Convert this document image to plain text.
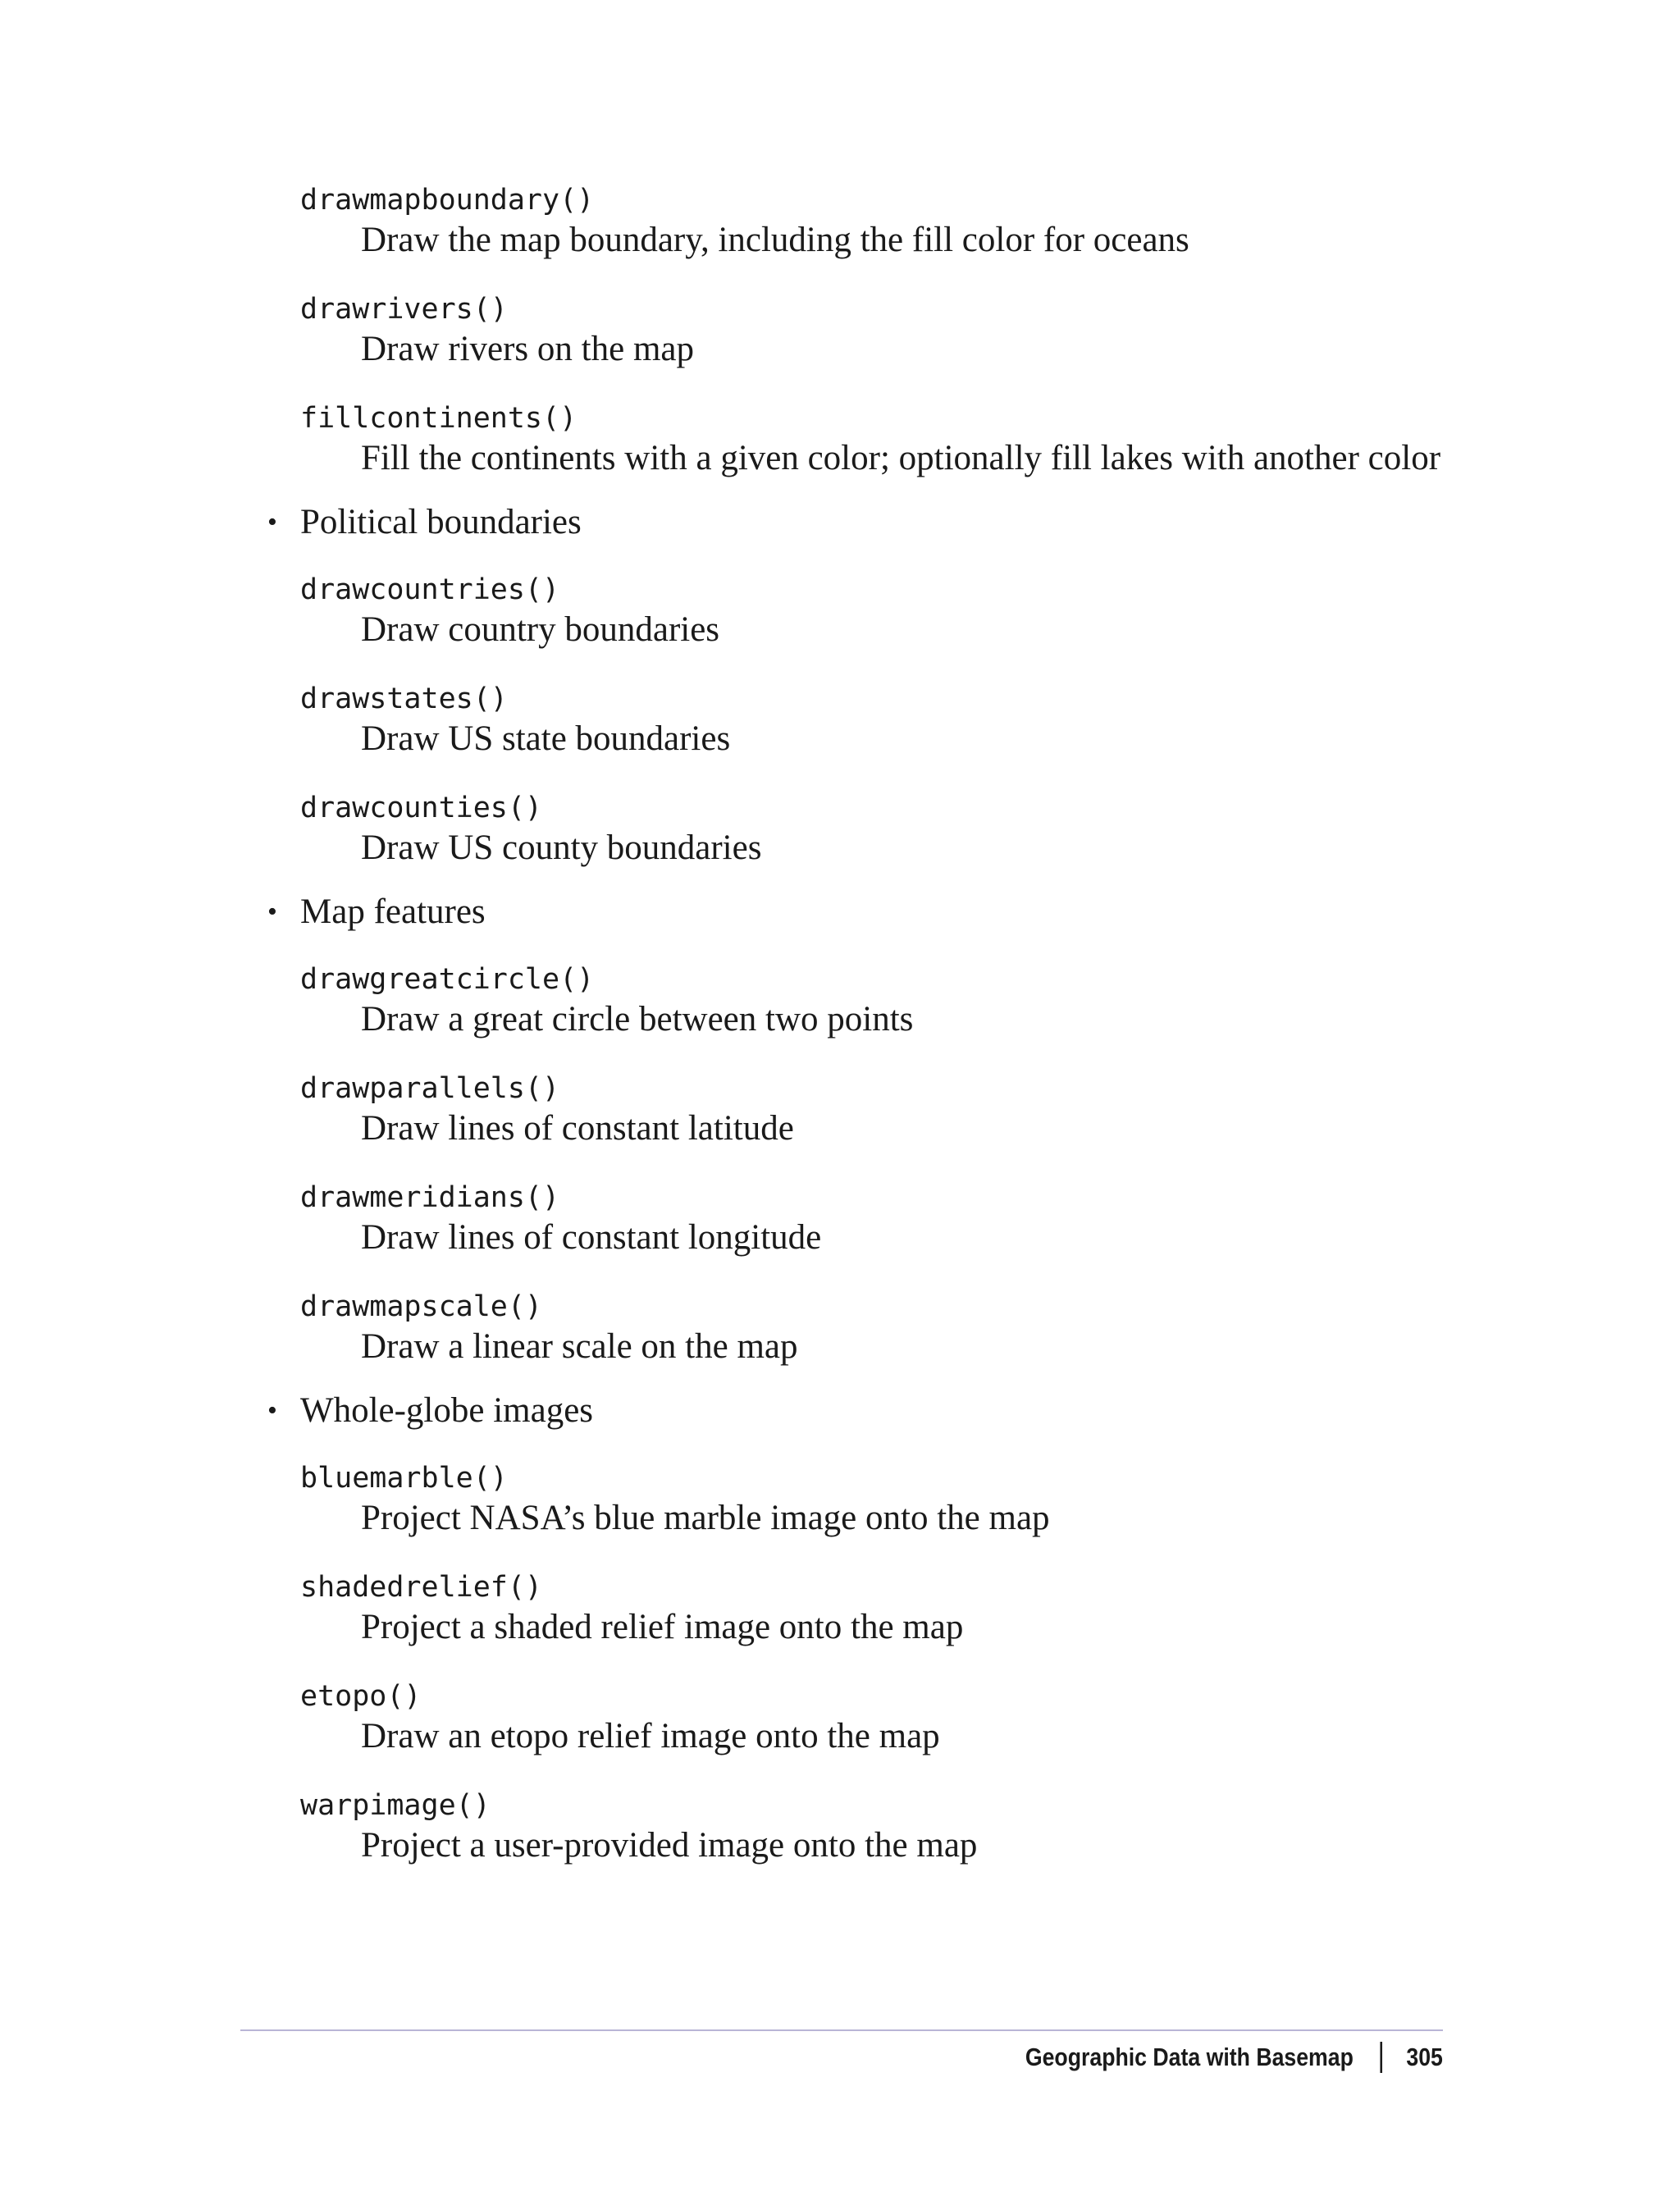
drawmapboundary()
Draw the map boundary, including the fill color for oceans
drawrivers()
Draw rivers on the map
fillcontinents()
Fill the continents with a given color; optionally fill lakes with another color
• Political boundaries
drawcountries()
Draw country boundaries
drawstates()
Draw US state boundaries
drawcounties()
Draw US county boundaries
• Map features
drawgreatcircle()
Draw a great circle between two points
drawparallels()
Draw lines of constant latitude
drawmeridians()
Draw lines of constant longitude
drawmapscale()
Draw a linear scale on the map
• Whole-globe images
bluemarble()
Project NASA’s blue marble image onto the map
shadedrelief()
Project a shaded relief image onto the map
etopo()
Draw an etopo relief image onto the map
warpimage()
Project a user-provided image onto the map
Geographic Data with Basemap 305
